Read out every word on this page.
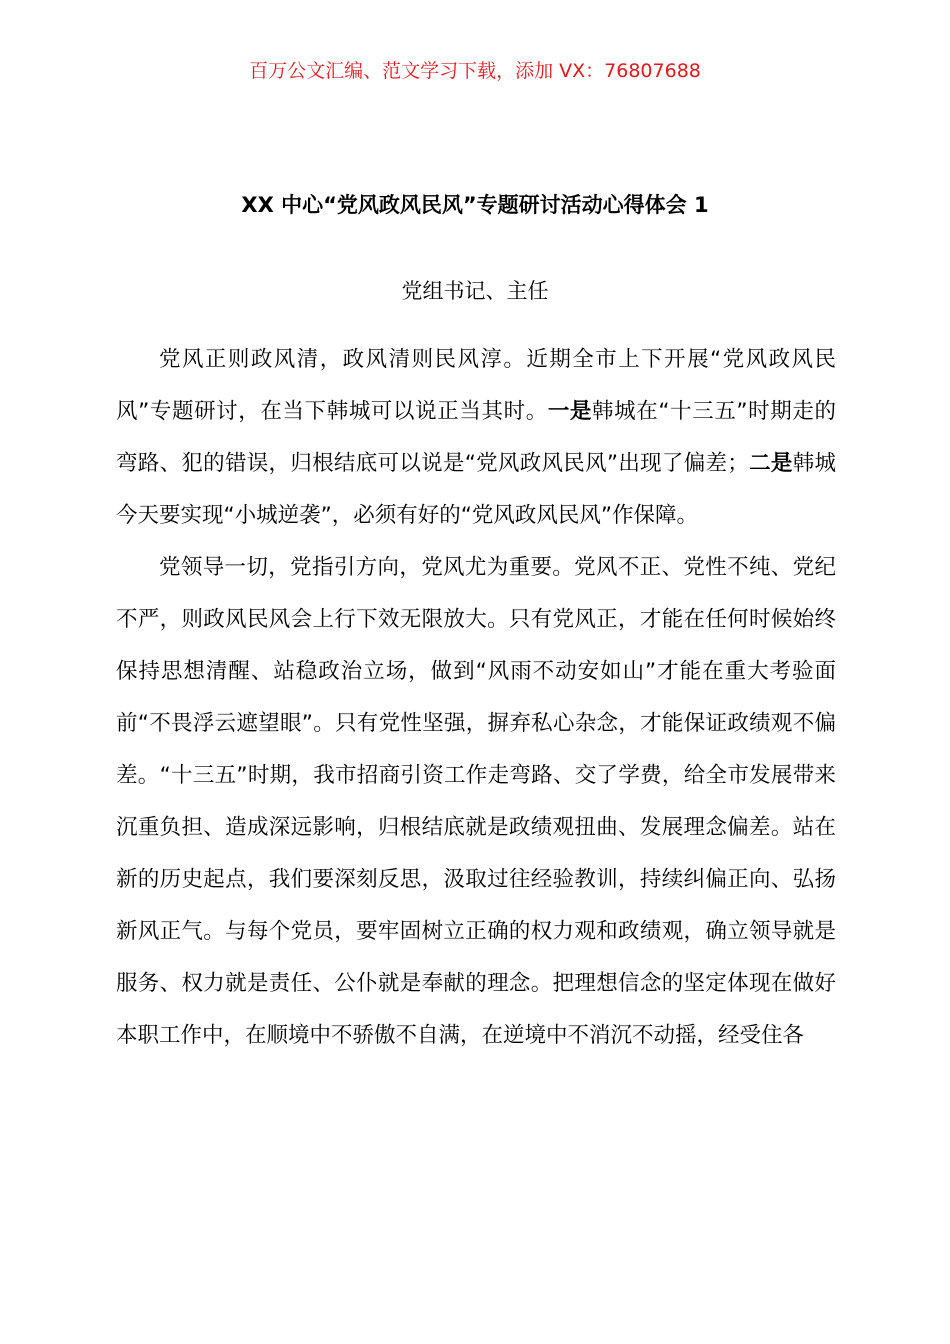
百万公文汇编、范文学习下载，添加 VX：76807688
XX 中心“党风政风民风”专题研讨活动心得体会 1
党组书记、主任

党风正则政风清，政风清则民风淳。近期全市上下开展“党风政风民风”专题研讨，在当下韩城可以说正当其时。一是韩城在“十三五”时期走的弯路、犯的错误，归根结底可以说是“党风政风民风”出现了偏差；二是韩城今天要实现“小城逆袭”，必须有好的“党风政风民风”作保障。

党领导一切，党指引方向，党风尤为重要。党风不正、党性不纯、党纪不严，则政风民风会上行下效无限放大。只有党风正，才能在任何时候始终保持思想清醒、站稳政治立场，做到“风雨不动安如山”才能在重大考验面前“不畏浮云遮望眼”。只有党性坚强，摒弃私心杂念，才能保证政绩观不偏差。“十三五”时期，我市招商引资工作走弯路、交了学费，给全市发展带来沉重负担、造成深远影响，归根结底就是政绩观扭曲、发展理念偏差。站在新的历史起点，我们要深刻反思，汲取过往经验教训，持续纠偏正向、弘扬新风正气。与每个党员，要牢固树立正确的权力观和政绩观，确立领导就是服务、权力就是责任、公仆就是奉献的理念。把理想信念的坚定体现在做好本职工作中，在顺境中不骄傲不自满，在逆境中不消沉不动摇，经受住各
